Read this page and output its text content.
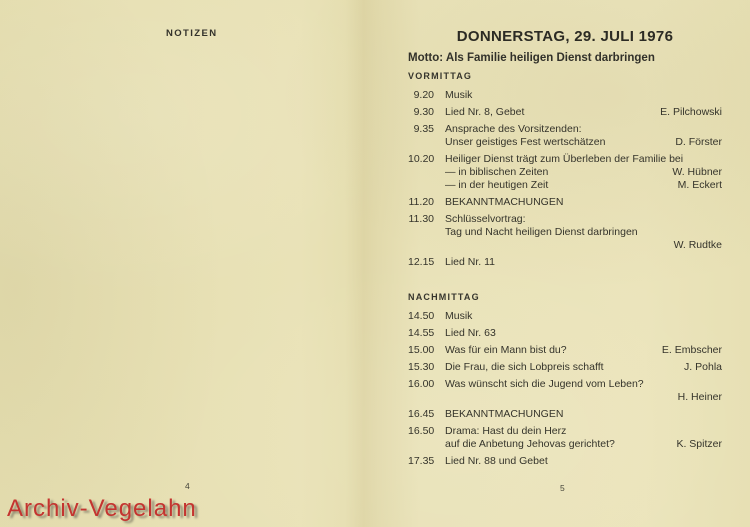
NOTIZEN
4
DONNERSTAG, 29. JULI 1976
Motto: Als Familie heiligen Dienst darbringen
VORMITTAG
9.20 Musik
9.30 Lied Nr. 8, Gebet	E. Pilchowski
9.35 Ansprache des Vorsitzenden:
Unser geistiges Fest wertschätzen	D. Förster
10.20 Heiliger Dienst trägt zum Überleben der Familie bei
— in biblischen Zeiten	W. Hübner
— in der heutigen Zeit	M. Eckert
11.20 BEKANNTMACHUNGEN
11.30 Schlüsselvortrag:
Tag und Nacht heiligen Dienst darbringen
W. Rudtke
12.15 Lied Nr. 11
NACHMITTAG
14.50 Musik
14.55 Lied Nr. 63
15.00 Was für ein Mann bist du?	E. Embscher
15.30 Die Frau, die sich Lobpreis schafft	J. Pohla
16.00 Was wünscht sich die Jugend vom Leben?
H. Heiner
16.45 BEKANNTMACHUNGEN
16.50 Drama: Hast du dein Herz
auf die Anbetung Jehovas gerichtet?	K. Spitzer
17.35 Lied Nr. 88 und Gebet
5
Archiv-Vegelahn
